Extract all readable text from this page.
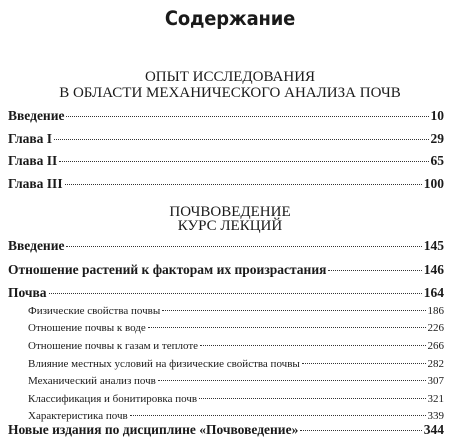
Содержание
ОПЫТ ИССЛЕДОВАНИЯ
В ОБЛАСТИ МЕХАНИЧЕСКОГО АНАЛИЗА ПОЧВ
Введение	10
Глава I	29
Глава II	65
Глава III	100
ПОЧВОВЕДЕНИЕ
КУРС ЛЕКЦИЙ
Введение	145
Отношение растений к факторам их произрастания	146
Почва	164
Физические свойства почвы	186
Отношение почвы к воде	226
Отношение почвы к газам и теплоте	266
Влияние местных условий на физические свойства почвы	282
Механический анализ почв	307
Классификация и бонитировка почв	321
Характеристика почв	339
Новые издания по дисциплине «Почвоведение»	344
